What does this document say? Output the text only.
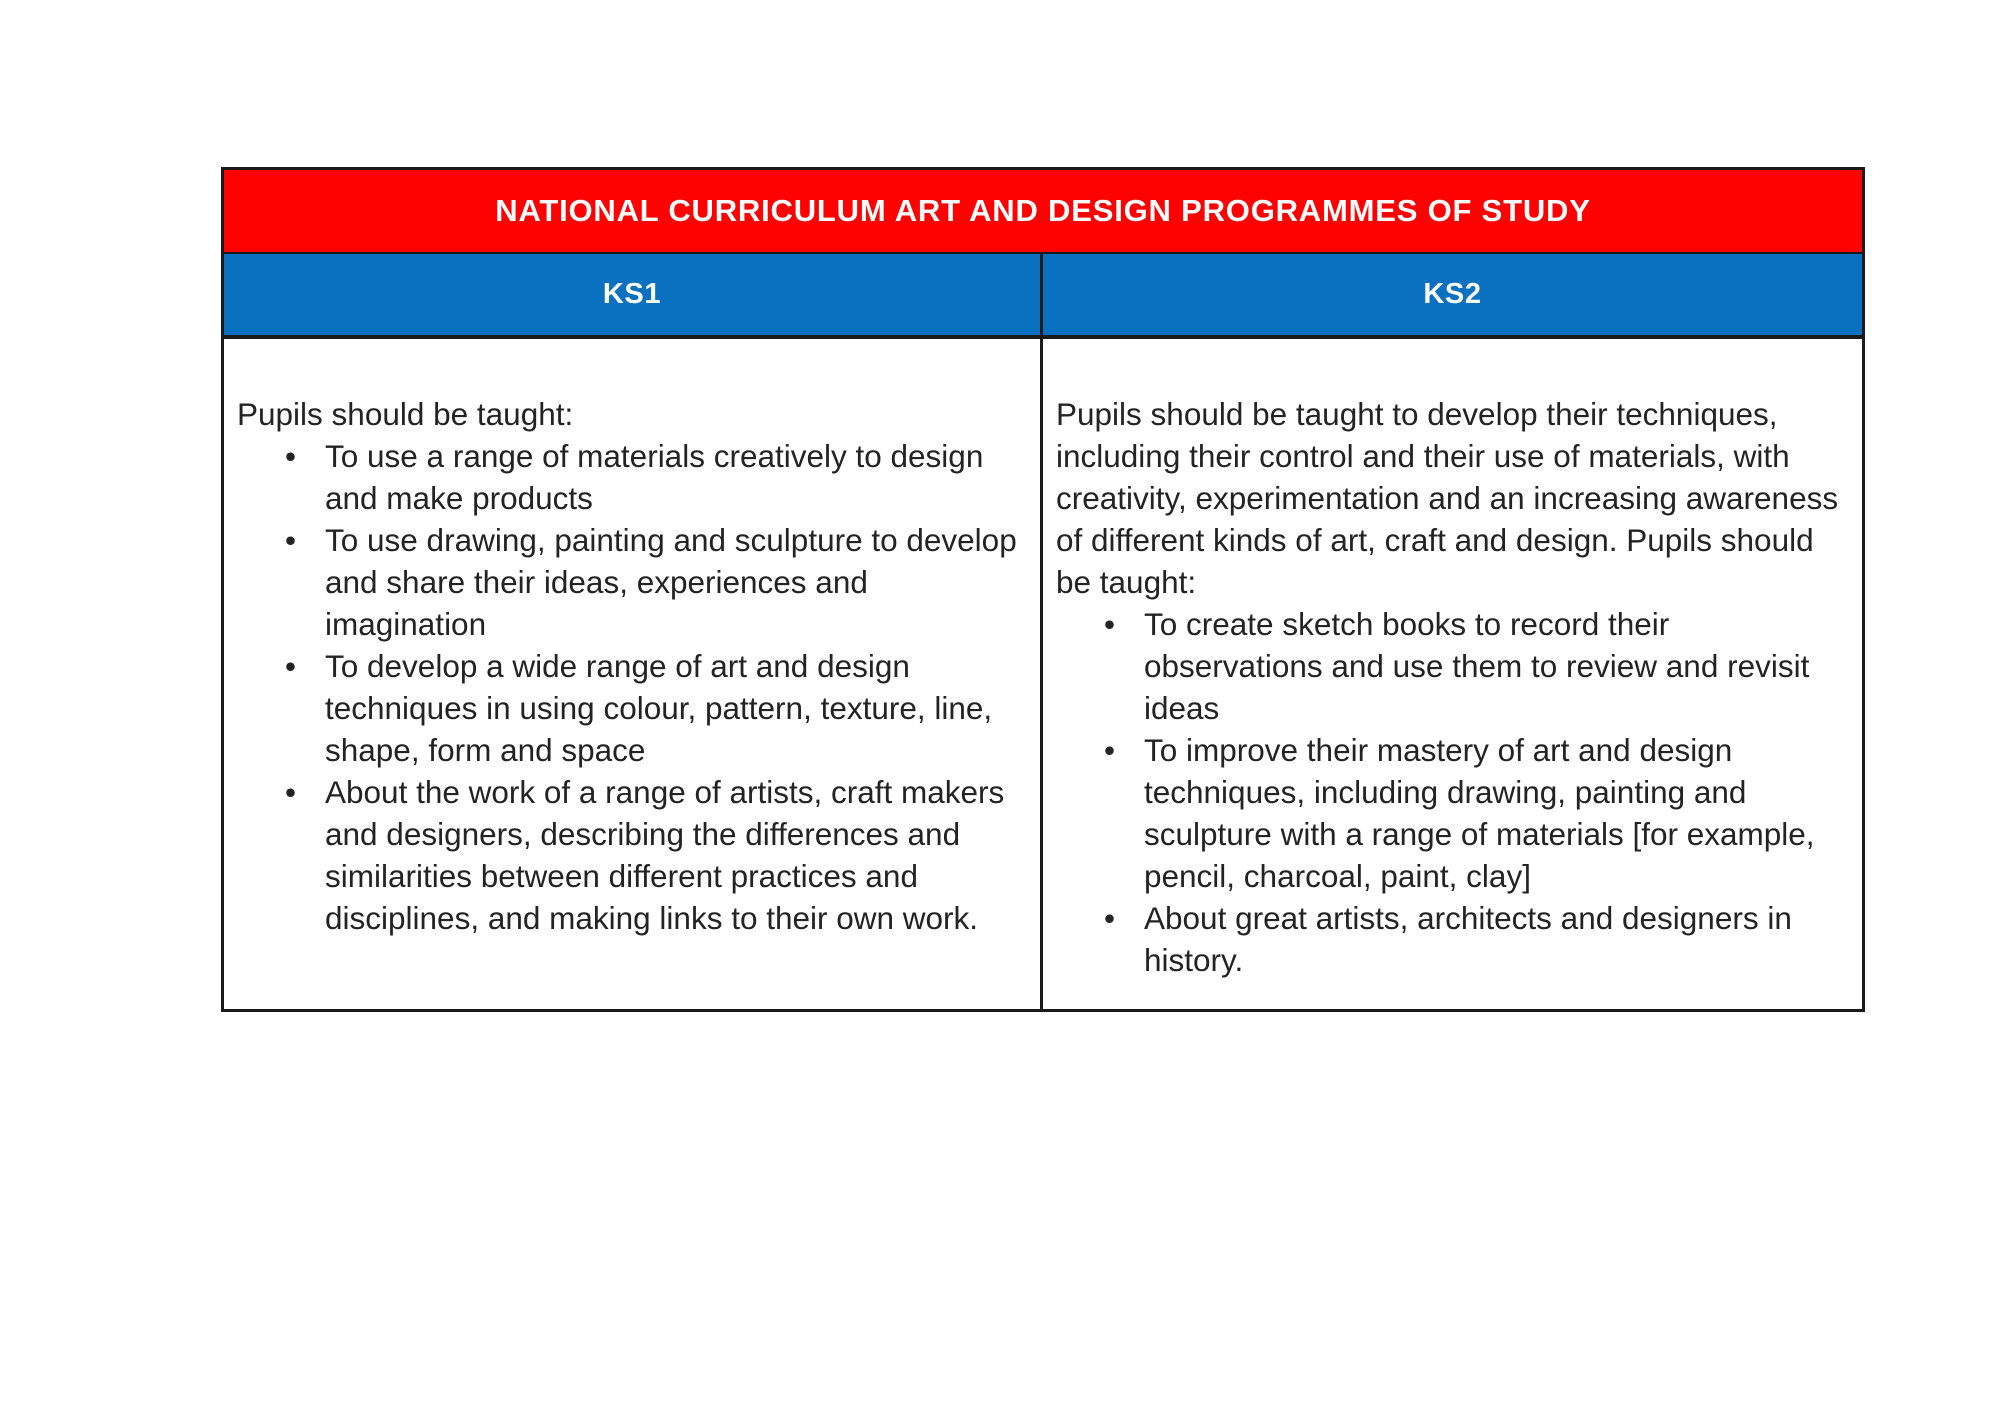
NATIONAL CURRICULUM ART AND DESIGN PROGRAMMES OF STUDY
KS1	KS2

Pupils should be taught:

• To use a range of materials creatively to design and make products
• To use drawing, painting and sculpture to develop and share their ideas, experiences and imagination
• To develop a wide range of art and design techniques in using colour, pattern, texture, line, shape, form and space
• About the work of a range of artists, craft makers and designers, describing the differences and similarities between different practices and disciplines, and making links to their own work.

Pupils should be taught to develop their techniques, including their control and their use of materials, with creativity, experimentation and an increasing awareness of different kinds of art, craft and design. Pupils should be taught:

• To create sketch books to record their observations and use them to review and revisit ideas
• To improve their mastery of art and design techniques, including drawing, painting and sculpture with a range of materials [for example, pencil, charcoal, paint, clay]
• About great artists, architects and designers in history.
